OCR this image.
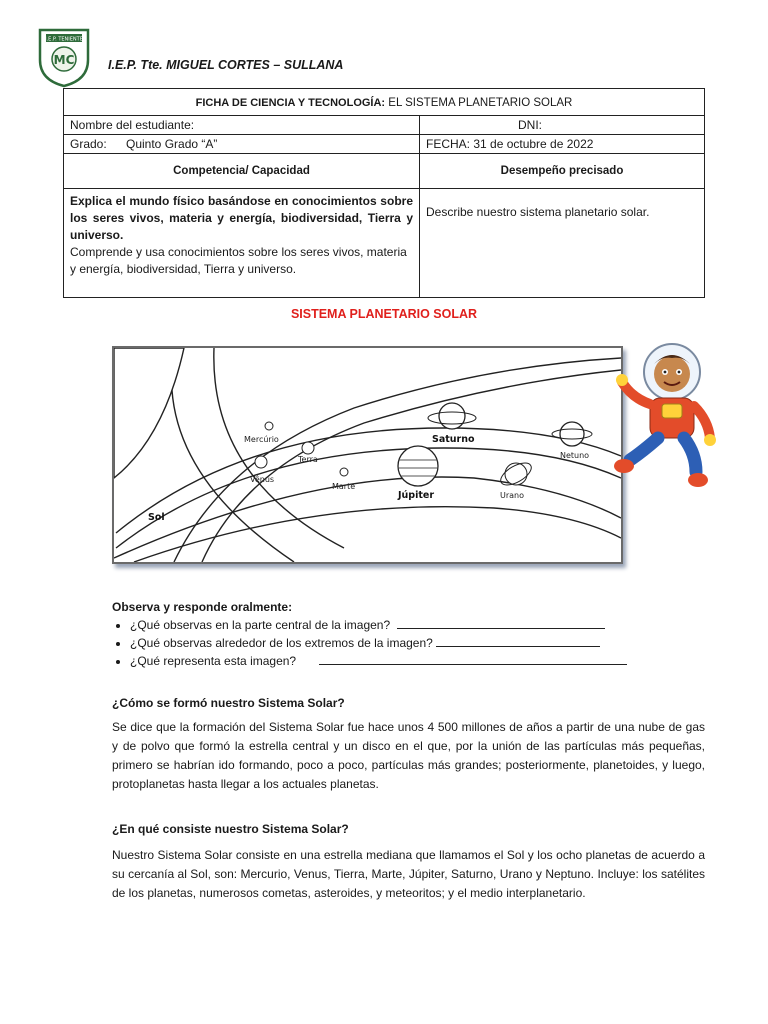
I.E.P. TENIENTE
MC	I.E.P. Tte. MIGUEL CORTES – SULLANA
FICHA DE CIENCIA Y TECNOLOGÍA: EL SISTEMA PLANETARIO SOLAR	
Nombre del estudiante:	DNI:

Grado: Quinto Grado “A”	FECHA: 31 de octubre de 2022
Competencia/ Capacidad	Desempeño precisado

Explica el mundo físico basándose en conocimientos sobre los seres vivos, materia y energía, biodiversidad, Tierra y universo.
Comprende y usa conocimientos sobre los seres vivos, materia y energía, biodiversidad, Tierra y universo.	Describe nuestro sistema planetario solar.
SISTEMA PLANETARIO SOLAR
Sol
Mercúrio
Vênus
Terra
Marte
Júpiter
Saturno
Urano
Netuno
Observa y responde oralmente:
• ¿Qué observas en la parte central de la imagen?
• ¿Qué observas alrededor de los extremos de la imagen?
• ¿Qué representa esta imagen?
¿Cómo se formó nuestro Sistema Solar?
Se dice que la formación del Sistema Solar fue hace unos 4 500 millones de años a partir de una nube de gas y de polvo que formó la estrella central y un disco en el que, por la unión de las partículas más pequeñas, primero se habrían ido formando, poco a poco, partículas más grandes; posteriormente, planetoides, y luego, protoplanetas hasta llegar a los actuales planetas.
¿En qué consiste nuestro Sistema Solar?
Nuestro Sistema Solar consiste en una estrella mediana que llamamos el Sol y los ocho planetas de acuerdo a su cercanía al Sol, son: Mercurio, Venus, Tierra, Marte, Júpiter, Saturno, Urano y Neptuno. Incluye: los satélites de los planetas, numerosos cometas, asteroides, y meteoritos; y el medio interplanetario.
